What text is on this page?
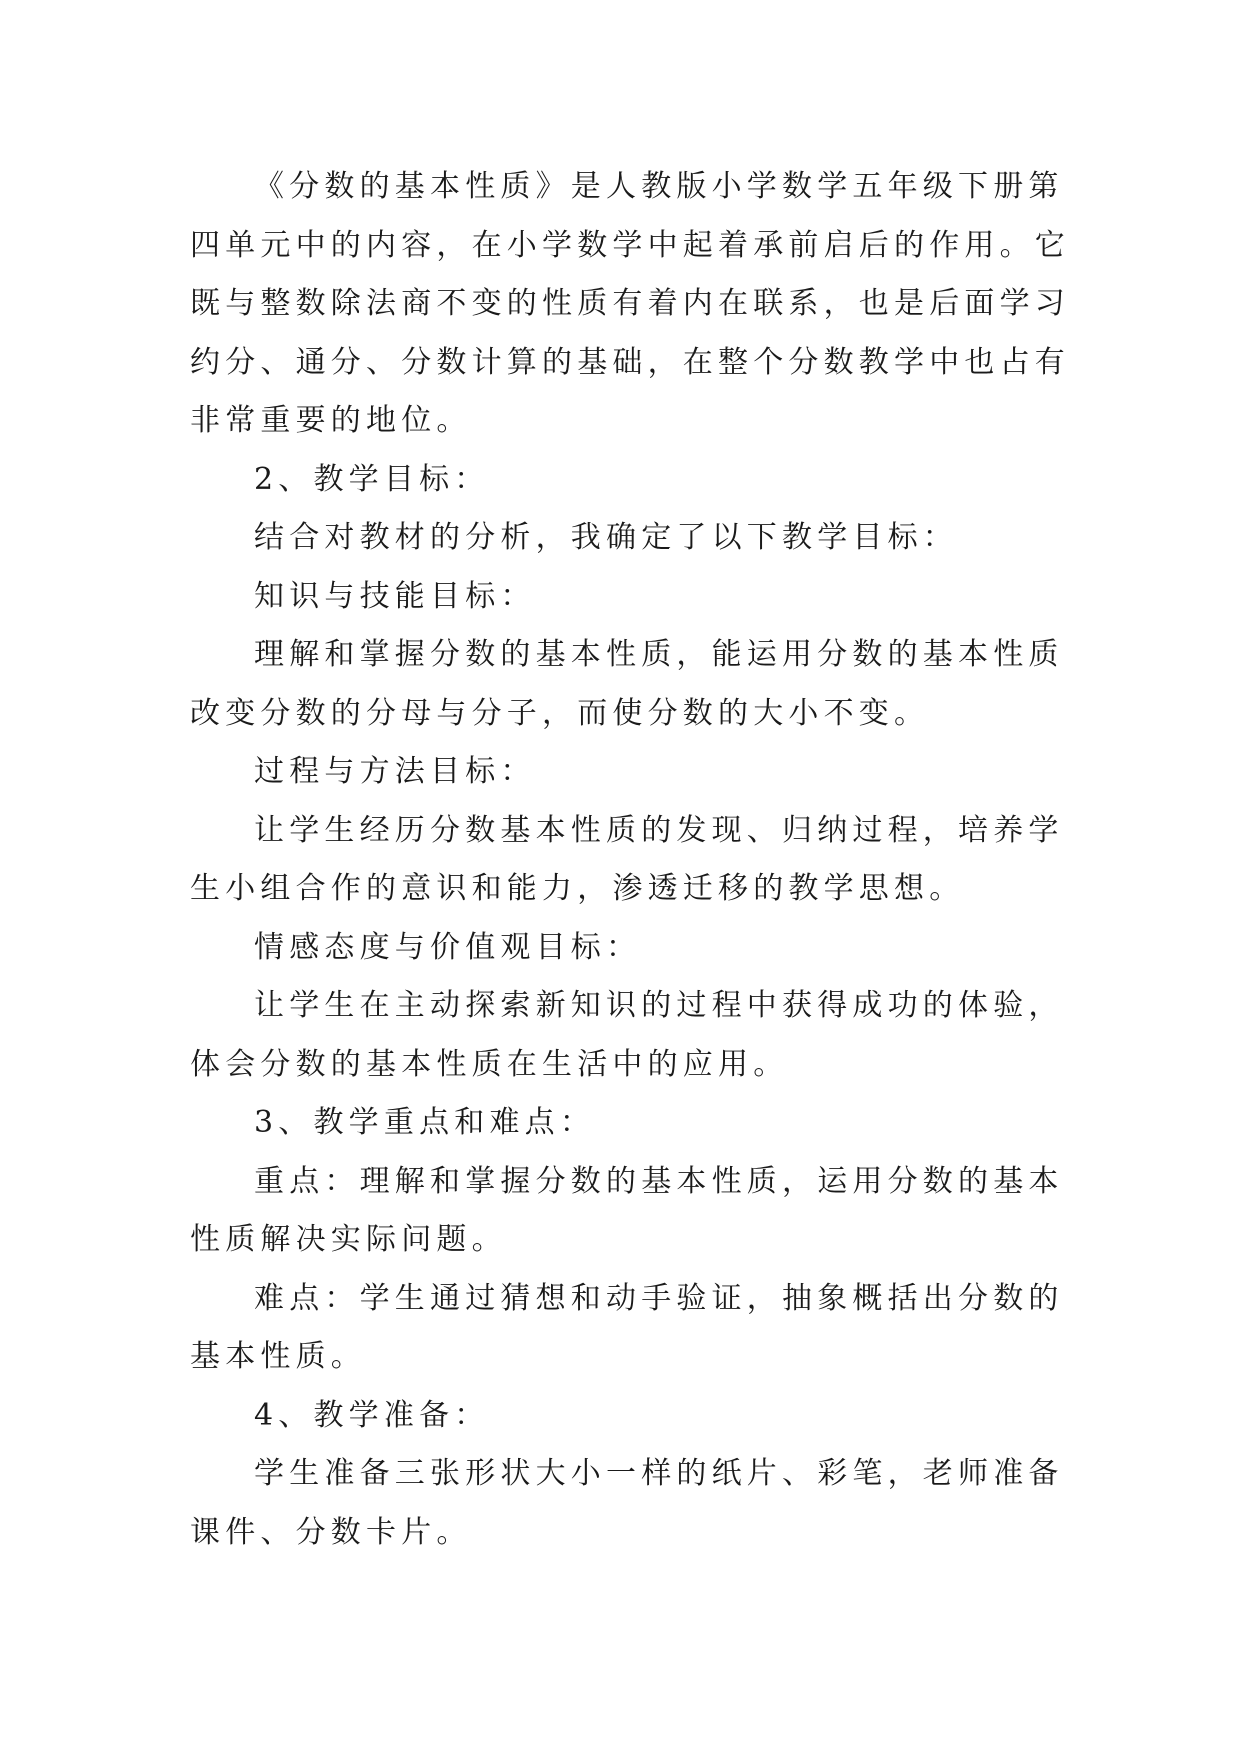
《分数的基本性质》是人教版小学数学五年级下册第四单元中的内容，在小学数学中起着承前启后的作用。它既与整数除法商不变的性质有着内在联系，也是后面学习约分、通分、分数计算的基础，在整个分数教学中也占有非常重要的地位。

2、教学目标：

结合对教材的分析，我确定了以下教学目标：

知识与技能目标：

理解和掌握分数的基本性质，能运用分数的基本性质改变分数的分母与分子，而使分数的大小不变。

过程与方法目标：

让学生经历分数基本性质的发现、归纳过程，培养学生小组合作的意识和能力，渗透迁移的教学思想。

情感态度与价值观目标：

让学生在主动探索新知识的过程中获得成功的体验，体会分数的基本性质在生活中的应用。

3、教学重点和难点：

重点：理解和掌握分数的基本性质，运用分数的基本性质解决实际问题。

难点：学生通过猜想和动手验证，抽象概括出分数的基本性质。

4、教学准备：

学生准备三张形状大小一样的纸片、彩笔，老师准备课件、分数卡片。
